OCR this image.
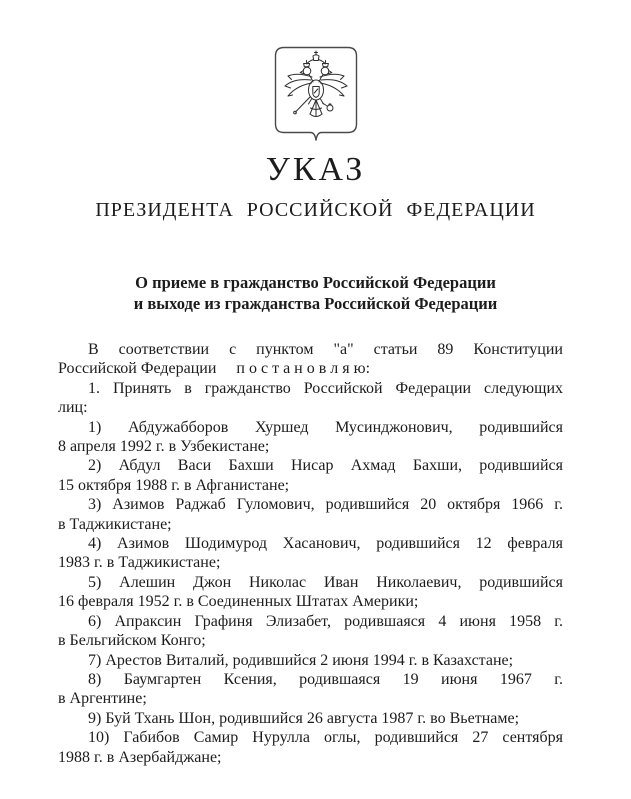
УКАЗ
ПРЕЗИДЕНТА РОССИЙСКОЙ ФЕДЕРАЦИИ
О приеме в гражданство Российской Федерации
и выходе из гражданства Российской Федерации
В соответствии с пунктом "а" статьи 89 Конституции
Российской Федерации     п о с т а н о в л я ю:
1. Принять в гражданство Российской Федерации следующих
лиц:
1) Абдужабборов Хуршед Мусинджонович, родившийся
8 апреля 1992 г. в Узбекистане;
2) Абдул Васи Бахши Нисар Ахмад Бахши, родившийся
15 октября 1988 г. в Афганистане;
3) Азимов Раджаб Гуломович, родившийся 20 октября 1966 г.
в Таджикистане;
4) Азимов Шодимурод Хасанович, родившийся 12 февраля
1983 г. в Таджикистане;
5) Алешин Джон Николас Иван Николаевич, родившийся
16 февраля 1952 г. в Соединенных Штатах Америки;
6) Апраксин Графиня Элизабет, родившаяся 4 июня 1958 г.
в Бельгийском Конго;
7) Арестов Виталий, родившийся 2 июня 1994 г. в Казахстане;
8) Баумгартен Ксения, родившаяся 19 июня 1967 г.
в Аргентине;
9) Буй Тхань Шон, родившийся 26 августа 1987 г. во Вьетнаме;
10) Габибов Самир Нурулла оглы, родившийся 27 сентября
1988 г. в Азербайджане;
